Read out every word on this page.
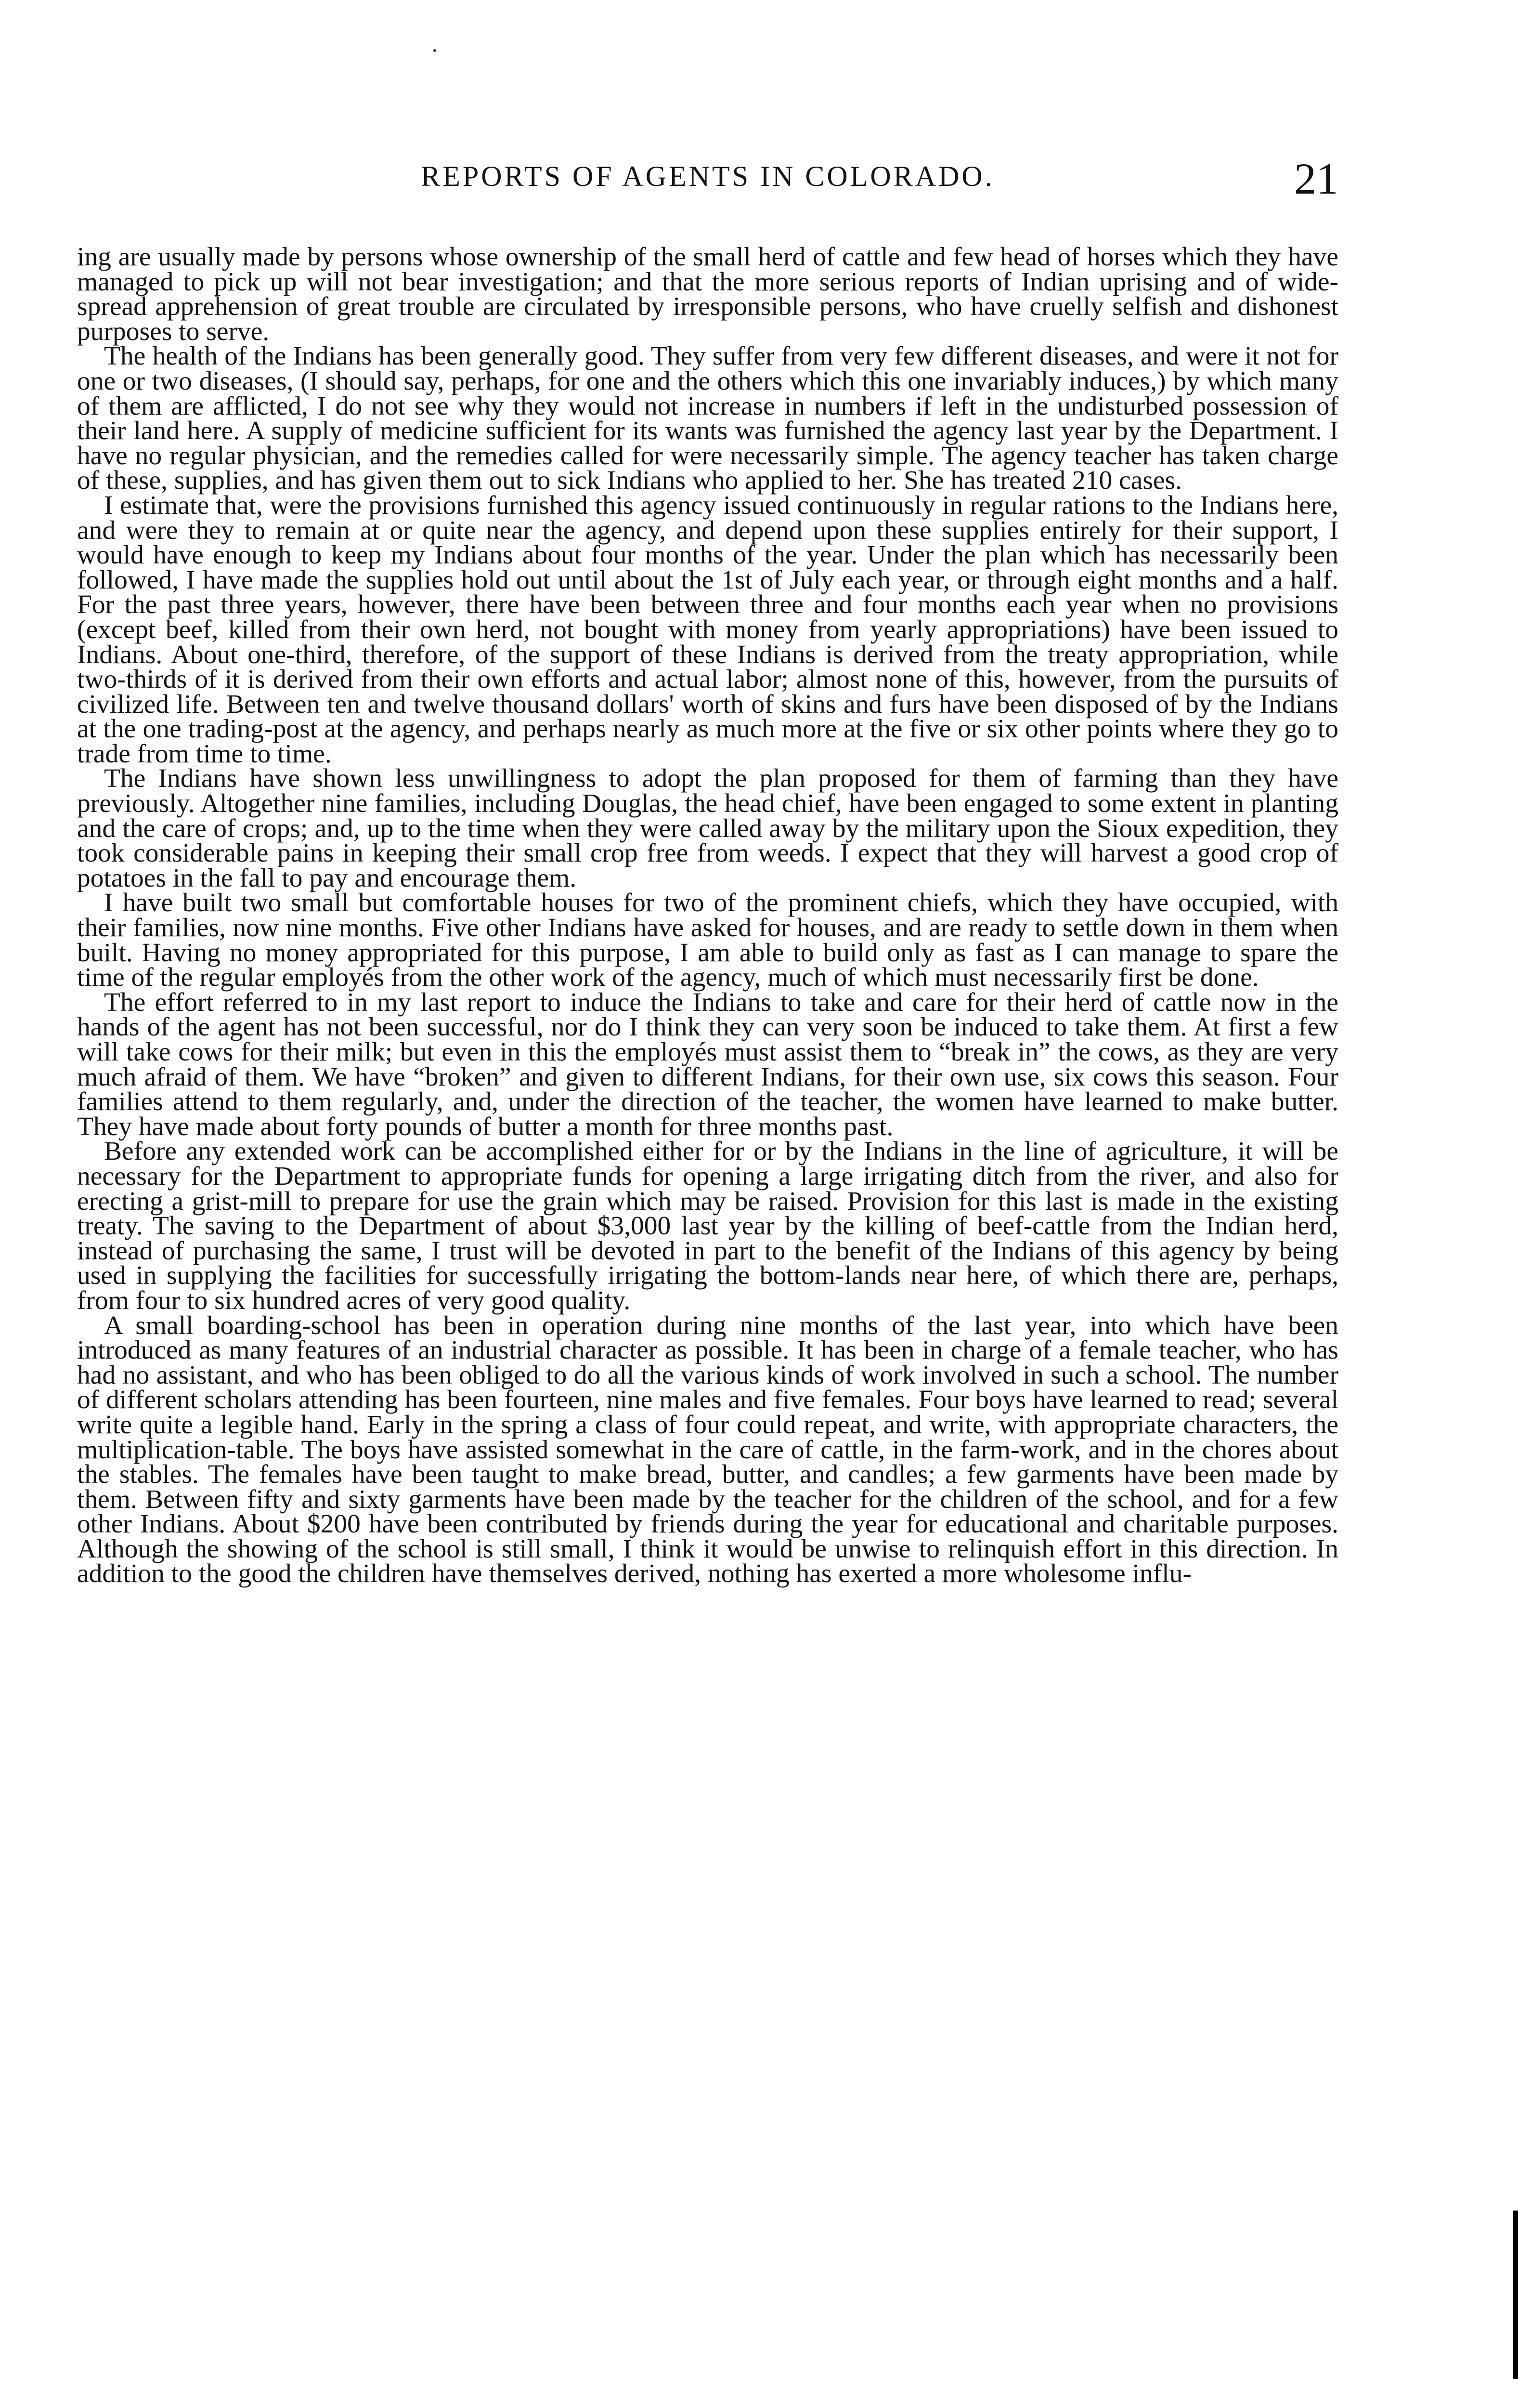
REPORTS OF AGENTS IN COLORADO.	21

ing are usually made by persons whose ownership of the small herd of cattle and few head of horses which they have managed to pick up will not bear investigation; and that the more serious reports of Indian uprising and of wide-spread apprehension of great trouble are circulated by irresponsible persons, who have cruelly selfish and dishonest purposes to serve.

The health of the Indians has been generally good. They suffer from very few different diseases, and were it not for one or two diseases, (I should say, perhaps, for one and the others which this one invariably induces,) by which many of them are afflicted, I do not see why they would not increase in numbers if left in the undisturbed possession of their land here. A supply of medicine sufficient for its wants was furnished the agency last year by the Department. I have no regular physician, and the remedies called for were necessarily simple. The agency teacher has taken charge of these, supplies, and has given them out to sick Indians who applied to her. She has treated 210 cases.

I estimate that, were the provisions furnished this agency issued continuously in regular rations to the Indians here, and were they to remain at or quite near the agency, and depend upon these supplies entirely for their support, I would have enough to keep my Indians about four months of the year. Under the plan which has necessarily been followed, I have made the supplies hold out until about the 1st of July each year, or through eight months and a half. For the past three years, however, there have been between three and four months each year when no provisions (except beef, killed from their own herd, not bought with money from yearly appropriations) have been issued to Indians. About one-third, therefore, of the support of these Indians is derived from the treaty appropriation, while two-thirds of it is derived from their own efforts and actual labor; almost none of this, however, from the pursuits of civilized life. Between ten and twelve thousand dollars' worth of skins and furs have been disposed of by the Indians at the one trading-post at the agency, and perhaps nearly as much more at the five or six other points where they go to trade from time to time.

The Indians have shown less unwillingness to adopt the plan proposed for them of farming than they have previously. Altogether nine families, including Douglas, the head chief, have been engaged to some extent in planting and the care of crops; and, up to the time when they were called away by the military upon the Sioux expedition, they took considerable pains in keeping their small crop free from weeds. I expect that they will harvest a good crop of potatoes in the fall to pay and encourage them.

I have built two small but comfortable houses for two of the prominent chiefs, which they have occupied, with their families, now nine months. Five other Indians have asked for houses, and are ready to settle down in them when built. Having no money appropriated for this purpose, I am able to build only as fast as I can manage to spare the time of the regular employés from the other work of the agency, much of which must necessarily first be done.

The effort referred to in my last report to induce the Indians to take and care for their herd of cattle now in the hands of the agent has not been successful, nor do I think they can very soon be induced to take them. At first a few will take cows for their milk; but even in this the employés must assist them to “break in” the cows, as they are very much afraid of them. We have “broken” and given to different Indians, for their own use, six cows this season. Four families attend to them regularly, and, under the direction of the teacher, the women have learned to make butter. They have made about forty pounds of butter a month for three months past.

Before any extended work can be accomplished either for or by the Indians in the line of agriculture, it will be necessary for the Department to appropriate funds for opening a large irrigating ditch from the river, and also for erecting a grist-mill to prepare for use the grain which may be raised. Provision for this last is made in the existing treaty. The saving to the Department of about $3,000 last year by the killing of beef-cattle from the Indian herd, instead of purchasing the same, I trust will be devoted in part to the benefit of the Indians of this agency by being used in supplying the facilities for successfully irrigating the bottom-lands near here, of which there are, perhaps, from four to six hundred acres of very good quality.

A small boarding-school has been in operation during nine months of the last year, into which have been introduced as many features of an industrial character as possible. It has been in charge of a female teacher, who has had no assistant, and who has been obliged to do all the various kinds of work involved in such a school. The number of different scholars attending has been fourteen, nine males and five females. Four boys have learned to read; several write quite a legible hand. Early in the spring a class of four could repeat, and write, with appropriate characters, the multiplication-table. The boys have assisted somewhat in the care of cattle, in the farm-work, and in the chores about the stables. The females have been taught to make bread, butter, and candles; a few garments have been made by them. Between fifty and sixty garments have been made by the teacher for the children of the school, and for a few other Indians. About $200 have been contributed by friends during the year for educational and charitable purposes. Although the showing of the school is still small, I think it would be unwise to relinquish effort in this direction. In addition to the good the children have themselves derived, nothing has exerted a more wholesome influ-
